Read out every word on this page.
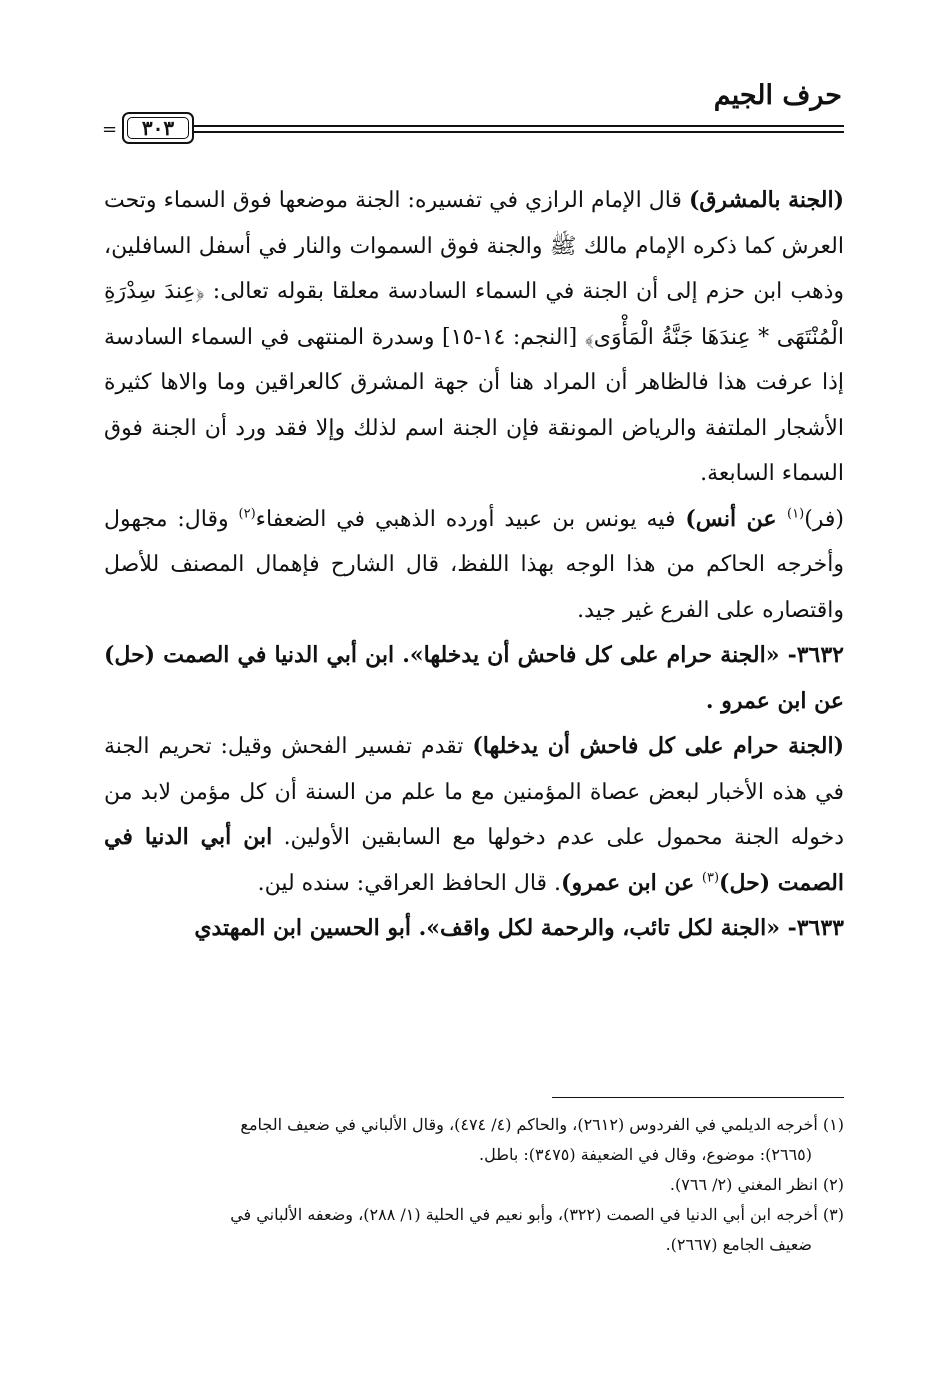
حرف الجيم
= ٣٠٣

(الجنة بالمشرق) قال الإمام الرازي في تفسيره: الجنة موضعها فوق السماء وتحت العرش كما ذكره الإمام مالك ﷺ والجنة فوق السموات والنار في أسفل السافلين، وذهب ابن حزم إلى أن الجنة في السماء السادسة معلقا بقوله تعالى: ﴿عِندَ سِدْرَةِ الْمُنْتَهَى * عِندَهَا جَنَّةُ الْمَأْوَى﴾ [النجم: ١٤-١٥] وسدرة المنتهى في السماء السادسة إذا عرفت هذا فالظاهر أن المراد هنا أن جهة المشرق كالعراقين وما والاها كثيرة الأشجار الملتفة والرياض المونقة فإن الجنة اسم لذلك وإلا فقد ورد أن الجنة فوق السماء السابعة.

(فر)$^{(١)}$ عن أنس) فيه يونس بن عبيد أورده الذهبي في الضعفاء$^{(٢)}$ وقال: مجهول وأخرجه الحاكم من هذا الوجه بهذا اللفظ، قال الشارح فإهمال المصنف للأصل واقتصاره على الفرع غير جيد.

٣٦٣٢- «الجنة حرام على كل فاحش أن يدخلها». ابن أبي الدنيا في الصمت (حل) عن ابن عمرو .

(الجنة حرام على كل فاحش أن يدخلها) تقدم تفسير الفحش وقيل: تحريم الجنة في هذه الأخبار لبعض عصاة المؤمنين مع ما علم من السنة أن كل مؤمن لابد من دخوله الجنة محمول على عدم دخولها مع السابقين الأولين. ابن أبي الدنيا في الصمت (حل)$^{(٣)}$ عن ابن عمرو). قال الحافظ العراقي: سنده لين.

٣٦٣٣- «الجنة لكل تائب، والرحمة لكل واقف». أبو الحسين ابن المهتدي

(١) أخرجه الديلمي في الفردوس (٢٦١٢)، والحاكم (٤/ ٤٧٤)، وقال الألباني في ضعيف الجامع

(٢٦٦٥): موضوع، وقال في الضعيفة (٣٤٧٥): باطل.

(٢) انظر المغني (٢/ ٧٦٦).

(٣) أخرجه ابن أبي الدنيا في الصمت (٣٢٢)، وأبو نعيم في الحلية (١/ ٢٨٨)، وضعفه الألباني في

ضعيف الجامع (٢٦٦٧).
